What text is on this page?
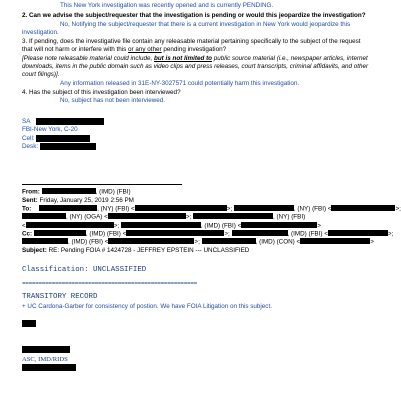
This New York investigation was recently opened and is currently PENDING.
2. Can we advise the subject/requester that the investigation is pending or would this jeopardize the investigation?
No, Notifying the subject/requester that there is a current investigation in New York would jeopardize this
investigation.
3. If pending, does the investigative file contain any releasable material pertaining specifically to the subject of the request
that will not harm or interfere with this or any other pending investigation?
[Please note releasable material could include, but is not limited to public source material (i.e., newspaper articles, internet
downloads, items in the public domain such as video clips and press releases, court transcripts, criminal affidavits, and other
court filings)].
Any information released in 31E-NY-3027571 could potentially harm this investigation.
4. Has the subject of this investigation been interviewed?
No, subject has not been interviewed.
SA
FBI-New York, C-20
Cell:
Desk:
From:	, (IMD) (FBI)
Sent: Friday, January 25, 2019 2:56 PM
To:	, (NY) (FBI) <	>;	, (NY) (FBI) <	>;
, (NY) (OGA) <	>;	, (NY) (FBI)
<	>;	, (IMD) (FBI) <	>
Cc:	, (IMD) (FBI) <	>;	, (IMD) (FBI) <	>;
, (IMD) (FBI) <	>;	, (IMD) (CON) <	>
Subject: RE: Pending FOIA # 1424728 - JEFFREY EPSTEIN --- UNCLASSIFIED
Classification: UNCLASSIFIED
=====================================================
TRANSITORY RECORD
+ UC Cardona-Garber for consistency of postion. We have FOIA Litigation on this subject.
ASC, IMD/RIDS
